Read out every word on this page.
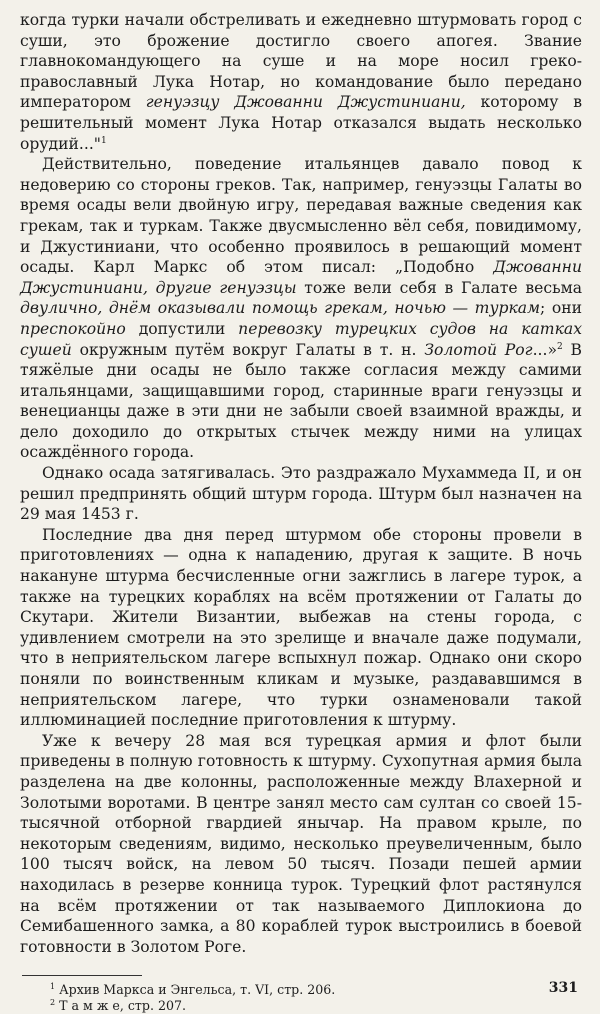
когда турки начали обстреливать и ежедневно штурмовать город с суши, это брожение достигло своего апогея. Звание главнокомандующего на суше и на море носил греко-православный Лука Нотар, но командование было передано императором генуэзцу Джованни Джустиниани, которому в решительный момент Лука Нотар отказался выдать несколько орудий..."$^1$

Действительно, поведение итальянцев давало повод к недоверию со стороны греков. Так, например, генуэзцы Галаты во время осады вели двойную игру, передавая важные сведения как грекам, так и туркам. Также двусмысленно вёл себя, повидимому, и Джустиниани, что особенно проявилось в решающий момент осады. Карл Маркс об этом писал: „Подобно Джованни Джустиниани, другие генуэзцы тоже вели себя в Галате весьма двулично, днём оказывали помощь грекам, ночью — туркам; они преспокойно допустили перевозку турецких судов на катках сушей окружным путём вокруг Галаты в т. н. Золотой Рог...»$^2$ В тяжёлые дни осады не было также согласия между самими итальянцами, защищавшими город, старинные враги генуэзцы и венецианцы даже в эти дни не забыли своей взаимной вражды, и дело доходило до открытых стычек между ними на улицах осаждённого города.

Однако осада затягивалась. Это раздражало Мухаммеда II, и он решил предпринять общий штурм города. Штурм был назначен на 29 мая 1453 г.

Последние два дня перед штурмом обе стороны провели в приготовлениях — одна к нападению, другая к защите. В ночь накануне штурма бесчисленные огни зажглись в лагере турок, а также на турецких кораблях на всём протяжении от Галаты до Скутари. Жители Византии, выбежав на стены города, с удивлением смотрели на это зрелище и вначале даже подумали, что в неприятельском лагере вспыхнул пожар. Однако они скоро поняли по воинственным кликам и музыке, раздававшимся в неприятельском лагере, что турки ознаменовали такой иллюминацией последние приготовления к штурму.

Уже к вечеру 28 мая вся турецкая армия и флот были приведены в полную готовность к штурму. Сухопутная армия была разделена на две колонны, расположенные между Влахерной и Золотыми воротами. В центре занял место сам султан со своей 15-тысячной отборной гвардией янычар. На правом крыле, по некоторым сведениям, видимо, несколько преувеличенным, было 100 тысяч войск, на левом 50 тысяч. Позади пешей армии находилась в резерве конница турок. Турецкий флот растянулся на всём протяжении от так называемого Диплокиона до Семибашенного замка, а 80 кораблей турок выстроились в боевой готовности в Золотом Роге.

$^1$ Архив Маркса и Энгельса, т. VI, стр. 206.

$^2$ Т а м ж е, стр. 207.

331
